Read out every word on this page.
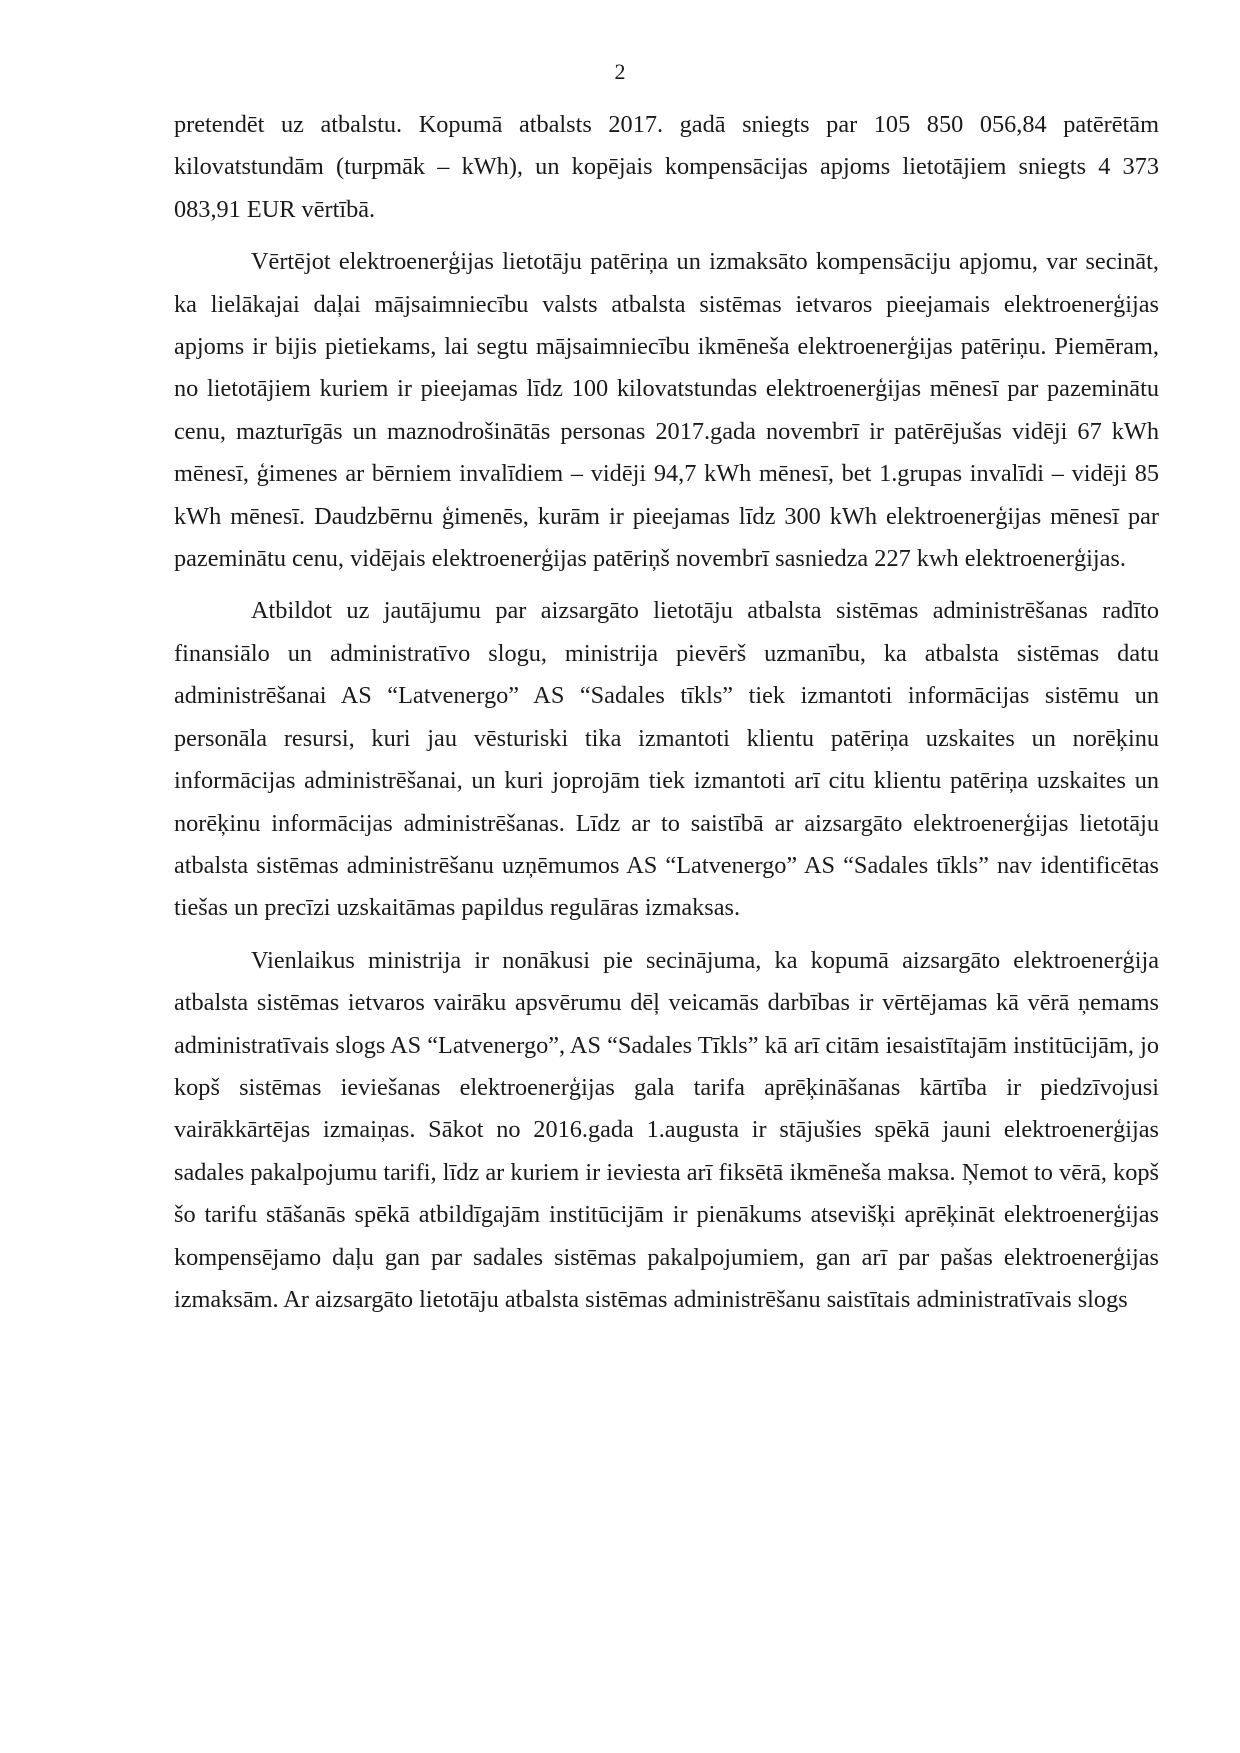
2

pretendēt uz atbalstu. Kopumā atbalsts 2017. gadā sniegts par 105 850 056,84 patērētām kilovatstundām (turpmāk – kWh), un kopējais kompensācijas apjoms lietotājiem sniegts 4 373 083,91 EUR vērtībā.

Vērtējot elektroenerģijas lietotāju patēriņa un izmaksāto kompensāciju apjomu, var secināt, ka lielākajai daļai mājsaimniecību valsts atbalsta sistēmas ietvaros pieejamais elektroenerģijas apjoms ir bijis pietiekams, lai segtu mājsaimniecību ikmēneša elektroenerģijas patēriņu. Piemēram, no lietotājiem kuriem ir pieejamas līdz 100 kilovatstundas elektroenerģijas mēnesī par pazeminātu cenu, mazturīgās un maznodrošinātās personas 2017.gada novembrī ir patērējušas vidēji 67 kWh mēnesī, ģimenes ar bērniem invalīdiem – vidēji 94,7 kWh mēnesī, bet 1.grupas invalīdi – vidēji 85 kWh mēnesī. Daudzbērnu ģimenēs, kurām ir pieejamas līdz 300 kWh elektroenerģijas mēnesī par pazeminātu cenu, vidējais elektroenerģijas patēriņš novembrī sasniedza 227 kwh elektroenerģijas.

Atbildot uz jautājumu par aizsargāto lietotāju atbalsta sistēmas administrēšanas radīto finansiālo un administratīvo slogu, ministrija pievērš uzmanību, ka atbalsta sistēmas datu administrēšanai AS “Latvenergo” AS “Sadales tīkls” tiek izmantoti informācijas sistēmu un personāla resursi, kuri jau vēsturiski tika izmantoti klientu patēriņa uzskaites un norēķinu informācijas administrēšanai, un kuri joprojām tiek izmantoti arī citu klientu patēriņa uzskaites un norēķinu informācijas administrēšanas. Līdz ar to saistībā ar aizsargāto elektroenerģijas lietotāju atbalsta sistēmas administrēšanu uzņēmumos AS “Latvenergo” AS “Sadales tīkls” nav identificētas tiešas un precīzi uzskaitāmas papildus regulāras izmaksas.

Vienlaikus ministrija ir nonākusi pie secinājuma, ka kopumā aizsargāto elektroenerģija atbalsta sistēmas ietvaros vairāku apsvērumu dēļ veicamās darbības ir vērtējamas kā vērā ņemams administratīvais slogs AS “Latvenergo”, AS “Sadales Tīkls” kā arī citām iesaistītajām institūcijām, jo kopš sistēmas ieviešanas elektroenerģijas gala tarifa aprēķināšanas kārtība ir piedzīvojusi vairākkārtējas izmaiņas. Sākot no 2016.gada 1.augusta ir stājušies spēkā jauni elektroenerģijas sadales pakalpojumu tarifi, līdz ar kuriem ir ieviesta arī fiksētā ikmēneša maksa. Ņemot to vērā, kopš šo tarifu stāšanās spēkā atbildīgajām institūcijām ir pienākums atsevišķi aprēķināt elektroenerģijas kompensējamo daļu gan par sadales sistēmas pakalpojumiem, gan arī par pašas elektroenerģijas izmaksām. Ar aizsargāto lietotāju atbalsta sistēmas administrēšanu saistītais administratīvais slogs
